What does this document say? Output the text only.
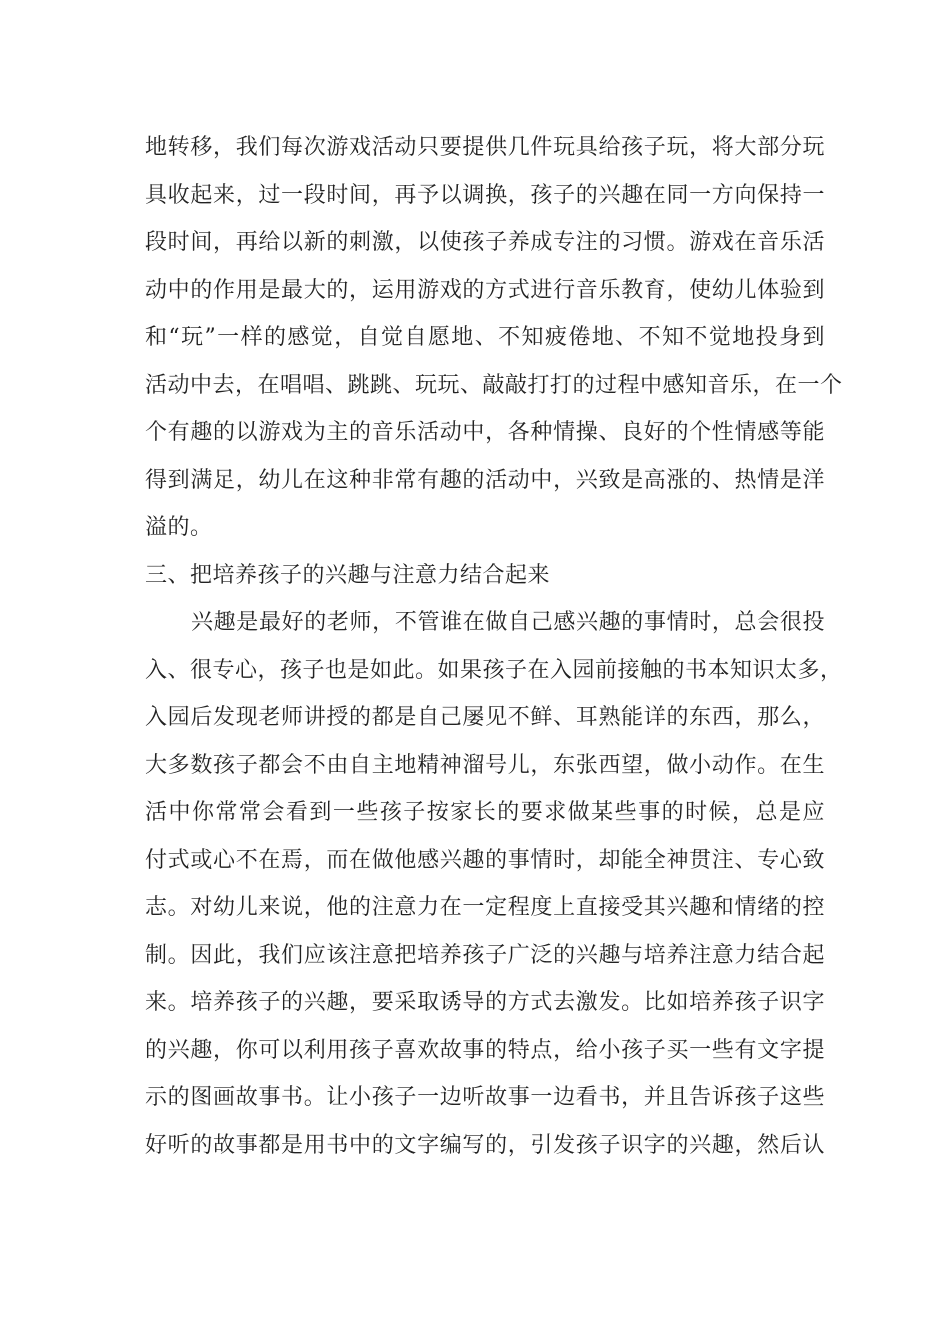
地转移，我们每次游戏活动只要提供几件玩具给孩子玩，将大部分玩
具收起来，过一段时间，再予以调换，孩子的兴趣在同一方向保持一
段时间，再给以新的刺激，以使孩子养成专注的习惯。游戏在音乐活
动中的作用是最大的，运用游戏的方式进行音乐教育，使幼儿体验到
和“玩”一样的感觉，自觉自愿地、不知疲倦地、不知不觉地投身到
活动中去，在唱唱、跳跳、玩玩、敲敲打打的过程中感知音乐，在一个
个有趣的以游戏为主的音乐活动中，各种情操、良好的个性情感等能
得到满足，幼儿在这种非常有趣的活动中，兴致是高涨的、热情是洋
溢的。
三、把培养孩子的兴趣与注意力结合起来
兴趣是最好的老师，不管谁在做自己感兴趣的事情时，总会很投
入、很专心，孩子也是如此。如果孩子在入园前接触的书本知识太多，
入园后发现老师讲授的都是自己屡见不鲜、耳熟能详的东西，那么，
大多数孩子都会不由自主地精神溜号儿，东张西望，做小动作。在生
活中你常常会看到一些孩子按家长的要求做某些事的时候，总是应
付式或心不在焉，而在做他感兴趣的事情时，却能全神贯注、专心致
志。对幼儿来说，他的注意力在一定程度上直接受其兴趣和情绪的控
制。因此，我们应该注意把培养孩子广泛的兴趣与培养注意力结合起
来。培养孩子的兴趣，要采取诱导的方式去激发。比如培养孩子识字
的兴趣，你可以利用孩子喜欢故事的特点，给小孩子买一些有文字提
示的图画故事书。让小孩子一边听故事一边看书，并且告诉孩子这些
好听的故事都是用书中的文字编写的，引发孩子识字的兴趣，然后认
